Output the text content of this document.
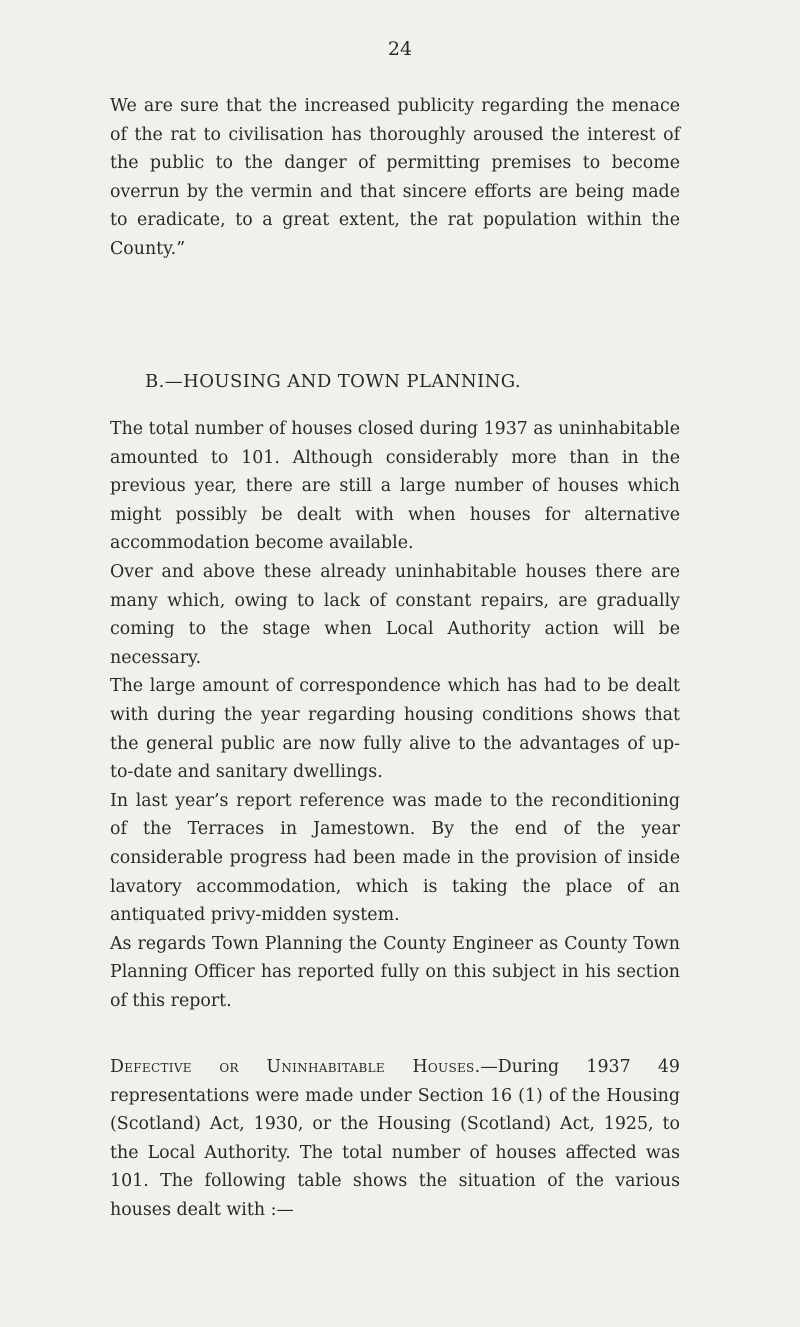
24

We are sure that the increased publicity regarding the menace of the rat to civilisation has thoroughly aroused the interest of the public to the danger of permitting premises to become overrun by the vermin and that sincere efforts are being made to eradicate, to a great extent, the rat population within the County.”

B.—HOUSING AND TOWN PLANNING.

The total number of houses closed during 1937 as uninhabitable amounted to 101. Although considerably more than in the previous year, there are still a large number of houses which might possibly be dealt with when houses for alternative accommodation become available.

Over and above these already uninhabitable houses there are many which, owing to lack of constant repairs, are gradually coming to the stage when Local Authority action will be necessary.

The large amount of correspondence which has had to be dealt with during the year regarding housing conditions shows that the general public are now fully alive to the advantages of up-to-date and sanitary dwellings.

In last year’s report reference was made to the reconditioning of the Terraces in Jamestown. By the end of the year considerable progress had been made in the provision of inside lavatory accommodation, which is taking the place of an antiquated privy-midden system.

As regards Town Planning the County Engineer as County Town Planning Officer has reported fully on this subject in his section of this report.

Defective or Uninhabitable Houses.—During 1937 49 representations were made under Section 16 (1) of the Housing (Scotland) Act, 1930, or the Housing (Scotland) Act, 1925, to the Local Authority. The total number of houses affected was 101. The following table shows the situation of the various houses dealt with :—
